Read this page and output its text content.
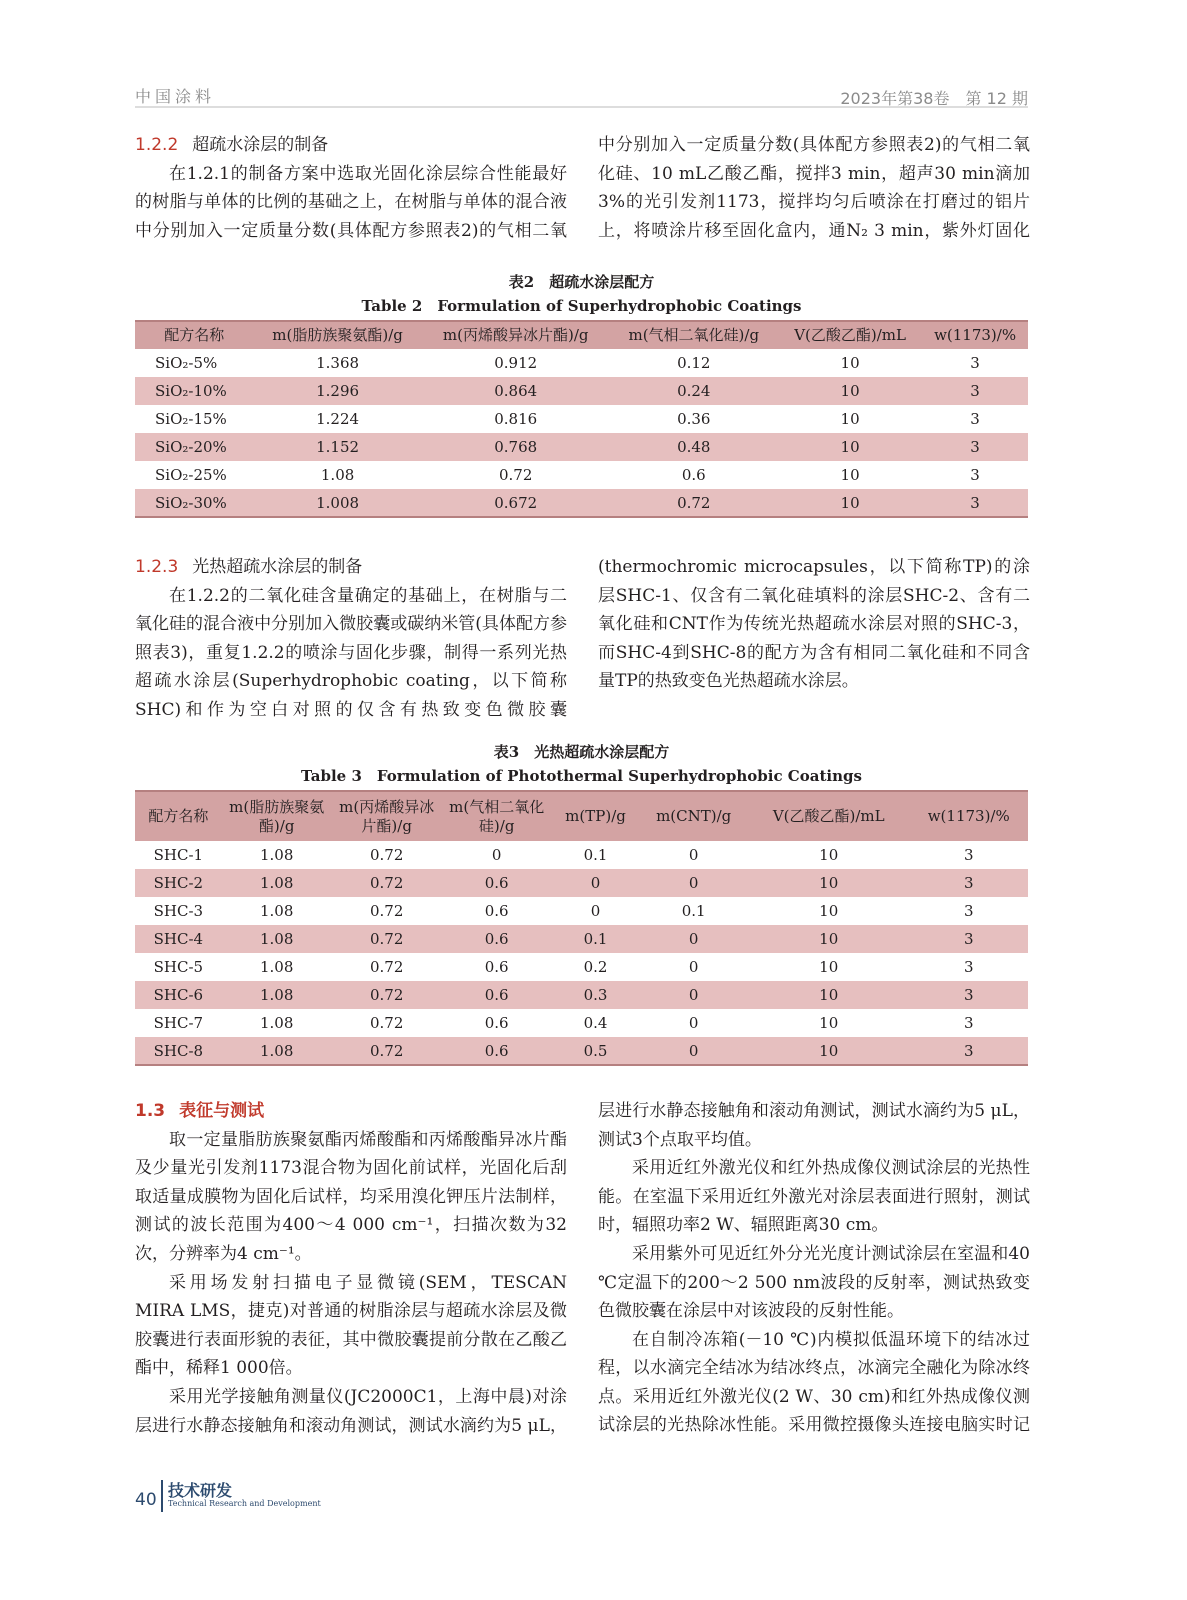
中国涂料	2023年第38卷　第 12 期
1.2.2 超疏水涂层的制备

在1.2.1的制备方案中选取光固化涂层综合性能最好的树脂与单体的比例的基础之上，在树脂与单体的混合液中分别加入一定质量分数(具体配方参照表2)的气相二氧

中分别加入一定质量分数(具体配方参照表2)的气相二氧化硅、10 mL乙酸乙酯，搅拌3 min，超声30 min滴加3%的光引发剂1173，搅拌均匀后喷涂在打磨过的铝片上，将喷涂片移至固化盒内，通N₂ 3 min，紫外灯固化

表2　超疏水涂层配方
Table 2　Formulation of Superhydrophobic Coatings
配方名称	m(脂肪族聚氨酯)/g	m(丙烯酸异冰片酯)/g	m(气相二氧化硅)/g	V(乙酸乙酯)/mL	w(1173)/%
SiO₂-5%	1.368	0.912	0.12	10	3
SiO₂-10%	1.296	0.864	0.24	10	3
SiO₂-15%	1.224	0.816	0.36	10	3
SiO₂-20%	1.152	0.768	0.48	10	3
SiO₂-25%	1.08	0.72	0.6	10	3
SiO₂-30%	1.008	0.672	0.72	10	3
1.2.3 光热超疏水涂层的制备

在1.2.2的二氧化硅含量确定的基础上，在树脂与二氧化硅的混合液中分别加入微胶囊或碳纳米管(具体配方参照表3)，重复1.2.2的喷涂与固化步骤，制得一系列光热超疏水涂层(Superhydrophobic coating，以下简称SHC)和作为空白对照的仅含有热致变色微胶囊

(thermochromic microcapsules，以下简称TP)的涂层SHC-1、仅含有二氧化硅填料的涂层SHC-2、含有二氧化硅和CNT作为传统光热超疏水涂层对照的SHC-3，而SHC-4到SHC-8的配方为含有相同二氧化硅和不同含量TP的热致变色光热超疏水涂层。

表3　光热超疏水涂层配方
Table 3　Formulation of Photothermal Superhydrophobic Coatings
配方名称	m(脂肪族聚氨酯)/g	m(丙烯酸异冰片酯)/g	m(气相二氧化硅)/g	m(TP)/g	m(CNT)/g	V(乙酸乙酯)/mL	w(1173)/%
SHC-1	1.08	0.72	0	0.1	0	10	3
SHC-2	1.08	0.72	0.6	0	0	10	3
SHC-3	1.08	0.72	0.6	0	0.1	10	3
SHC-4	1.08	0.72	0.6	0.1	0	10	3
SHC-5	1.08	0.72	0.6	0.2	0	10	3
SHC-6	1.08	0.72	0.6	0.3	0	10	3
SHC-7	1.08	0.72	0.6	0.4	0	10	3
SHC-8	1.08	0.72	0.6	0.5	0	10	3
1.3 表征与测试

取一定量脂肪族聚氨酯丙烯酸酯和丙烯酸酯异冰片酯及少量光引发剂1173混合物为固化前试样，光固化后刮取适量成膜物为固化后试样，均采用溴化钾压片法制样，测试的波长范围为400～4 000 cm⁻¹，扫描次数为32次，分辨率为4 cm⁻¹。

采用场发射扫描电子显微镜(SEM，TESCAN MIRA LMS，捷克)对普通的树脂涂层与超疏水涂层及微胶囊进行表面形貌的表征，其中微胶囊提前分散在乙酸乙酯中，稀释1 000倍。

采用光学接触角测量仪(JC2000C1，上海中晨)对涂层进行水静态接触角和滚动角测试，测试水滴约为5 μL，

层进行水静态接触角和滚动角测试，测试水滴约为5 μL，测试3个点取平均值。

采用近红外激光仪和红外热成像仪测试涂层的光热性能。在室温下采用近红外激光对涂层表面进行照射，测试时，辐照功率2 W、辐照距离30 cm。

采用紫外可见近红外分光光度计测试涂层在室温和40 ℃定温下的200～2 500 nm波段的反射率，测试热致变色微胶囊在涂层中对该波段的反射性能。

在自制冷冻箱(－10 ℃)内模拟低温环境下的结冰过程，以水滴完全结冰为结冰终点，冰滴完全融化为除冰终点。采用近红外激光仪(2 W、30 cm)和红外热成像仪测试涂层的光热除冰性能。采用微控摄像头连接电脑实时记

40 技术研发
Technical Research and Development
